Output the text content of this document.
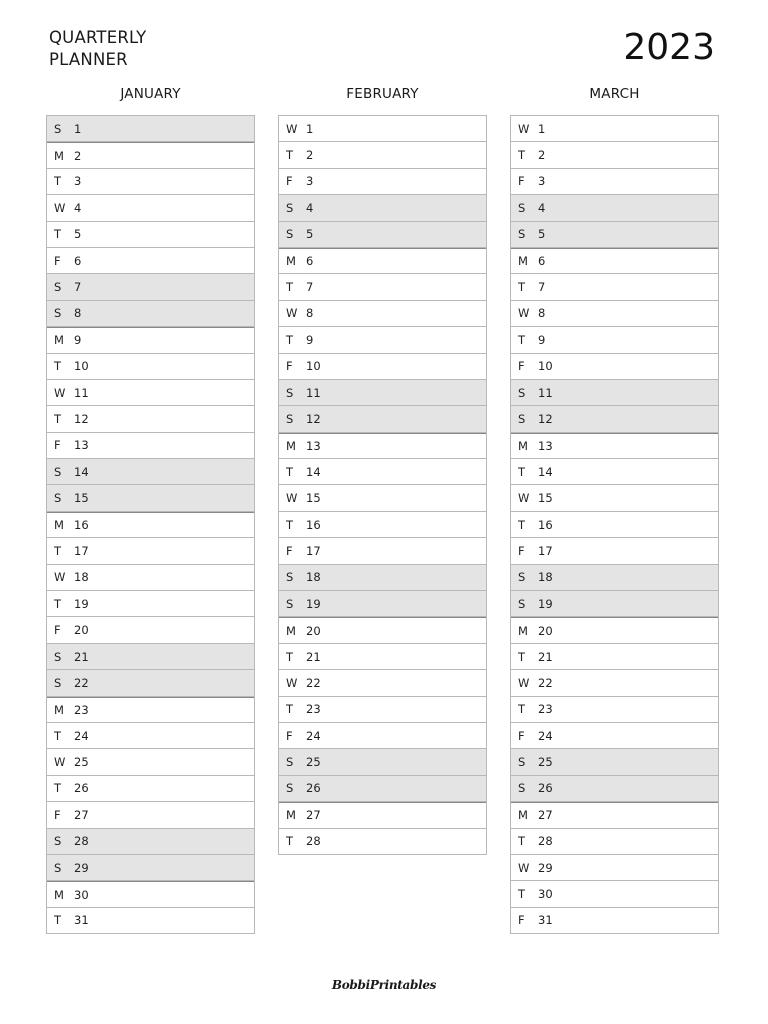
QUARTERLY
PLANNER	2023
JANUARY
S	1
M 2
T	3
W 4
T	5
F	6
S	7
S	8
M 9
T	10
W 11
T	12
F	13
S	14
S	15
M 16
T	17
W 18
T	19
F	20
S	21
S	22
M 23
T	24
W 25
T	26
F	27
S	28
S	29
M 30
T	31
FEBRUARY
W 1
T	2
F	3
S	4
S	5
M 6
T	7
W 8
T	9
F	10
S	11
S	12
M 13
T	14
W 15
T	16
F	17
S	18
S	19
M 20
T	21
W 22
T	23
F	24
S	25
S	26
M 27
T	28
MARCH
W 1
T	2
F	3
S	4
S	5
M 6
T	7
W 8
T	9
F	10
S	11
S	12
M 13
T	14
W 15
T	16
F	17
S	18
S	19
M 20
T	21
W 22
T	23
F	24
S	25
S	26
M 27
T	28
W 29
T	30
F	31
BobbiPrintables
